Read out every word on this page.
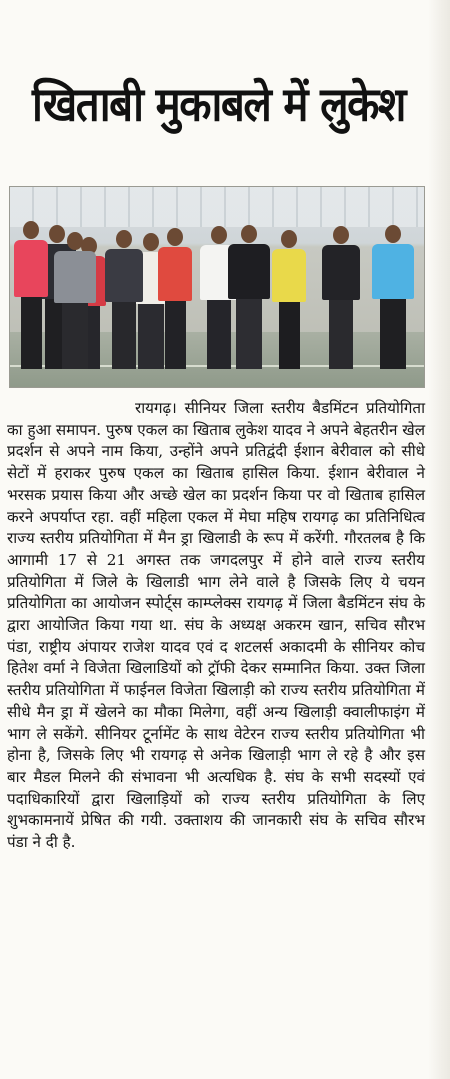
खिताबी मुकाबले में लुकेश

रायगढ़। सीनियर जिला स्तरीय बैडमिंटन प्रतियोगिता का हुआ समापन. पुरुष एकल का खिताब लुकेश यादव ने अपने बेहतरीन खेल प्रदर्शन से अपने नाम किया, उन्होंने अपने प्रतिद्वंदी ईशान बेरीवाल को सीधे सेटों में हराकर पुरुष एकल का खिताब हासिल किया. ईशान बेरीवाल ने भरसक प्रयास किया और अच्छे खेल का प्रदर्शन किया पर वो खिताब हासिल करने अपर्याप्त रहा. वहीं महिला एकल में मेघा महिष रायगढ़ का प्रतिनिधित्व राज्य स्तरीय प्रतियोगिता में मैन ड्रा खिलाडी के रूप में करेंगी. गौरतलब है कि आगामी 17 से 21 अगस्त तक जगदलपुर में होने वाले राज्य स्तरीय प्रतियोगिता में जिले के खिलाडी भाग लेने वाले है जिसके लिए ये चयन प्रतियोगिता का आयोजन स्पोर्ट्स काम्प्लेक्स रायगढ़ में जिला बैडमिंटन संघ के द्वारा आयोजित किया गया था. संघ के अध्यक्ष अकरम खान, सचिव सौरभ पंडा, राष्ट्रीय अंपायर राजेश यादव एवं द शटलर्स अकादमी के सीनियर कोच हितेश वर्मा ने विजेता खिलाडियों को ट्रॉफी देकर सम्मानित किया. उक्त जिला स्तरीय प्रतियोगिता में फाईनल विजेता खिलाड़ी को राज्य स्तरीय प्रतियोगिता में सीधे मैन ड्रा में खेलने का मौका मिलेगा, वहीं अन्य खिलाड़ी क्वालीफाइंग में भाग ले सकेंगे. सीनियर टूर्नामेंट के साथ वेटेरन राज्य स्तरीय प्रतियोगिता भी होना है, जिसके लिए भी रायगढ़ से अनेक खिलाड़ी भाग ले रहे है और इस बार मैडल मिलने की संभावना भी अत्यधिक है. संघ के सभी सदस्यों एवं पदाधिकारियों द्वारा खिलाड़ियों को राज्य स्तरीय प्रतियोगिता के लिए शुभकामनायें प्रेषित की गयी. उक्ताशय की जानकारी संघ के सचिव सौरभ पंडा ने दी है.
